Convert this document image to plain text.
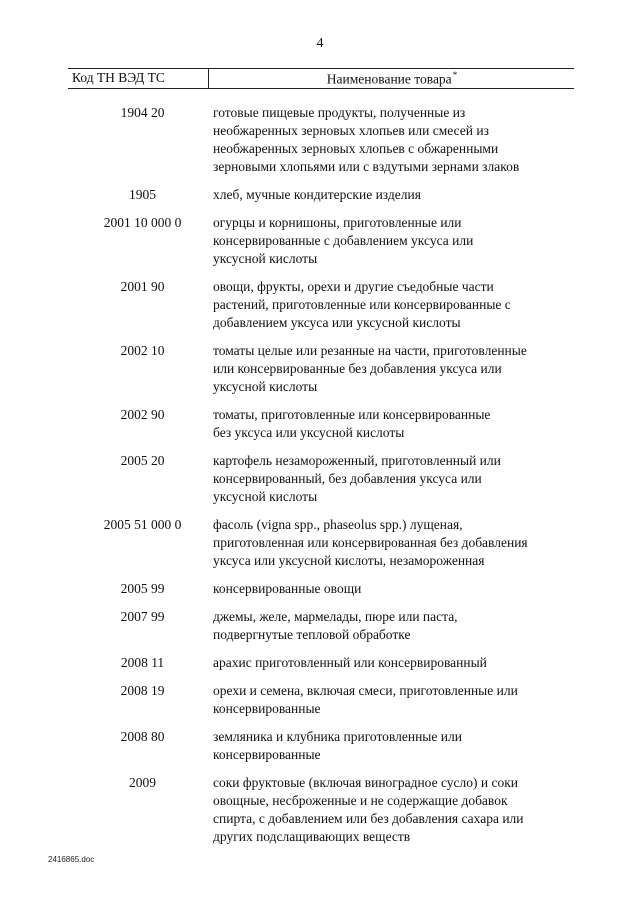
4
Код ТН ВЭД ТС	Наименование товара*
1904 20	готовые пищевые продукты, полученные из
необжаренных зерновых хлопьев или смесей из
необжаренных зерновых хлопьев с обжаренными
зерновыми хлопьями или с вздутыми зернами злаков
1905	хлеб, мучные кондитерские изделия
2001 10 000 0	огурцы и корнишоны, приготовленные или
консервированные с добавлением уксуса или
уксусной кислоты
2001 90	овощи, фрукты, орехи и другие съедобные части
растений, приготовленные или консервированные с
добавлением уксуса или уксусной кислоты
2002 10	томаты целые или резанные на части, приготовленные
или консервированные без добавления уксуса или
уксусной кислоты
2002 90	томаты, приготовленные или консервированные
без уксуса или уксусной кислоты
2005 20	картофель незамороженный, приготовленный или
консервированный, без добавления уксуса или
уксусной кислоты
2005 51 000 0	фасоль (vigna spp., phaseolus spp.) лущеная,
приготовленная или консервированная без добавления
уксуса или уксусной кислоты, незамороженная
2005 99	консервированные овощи
2007 99	джемы, желе, мармелады, пюре или паста,
подвергнутые тепловой обработке
2008 11	арахис приготовленный или консервированный
2008 19	орехи и семена, включая смеси, приготовленные или
консервированные
2008 80	земляника и клубника приготовленные или
консервированные
2009	соки фруктовые (включая виноградное сусло) и соки
овощные, несброженные и не содержащие добавок
спирта, с добавлением или без добавления сахара или
других подслащивающих веществ
2416865.doc
